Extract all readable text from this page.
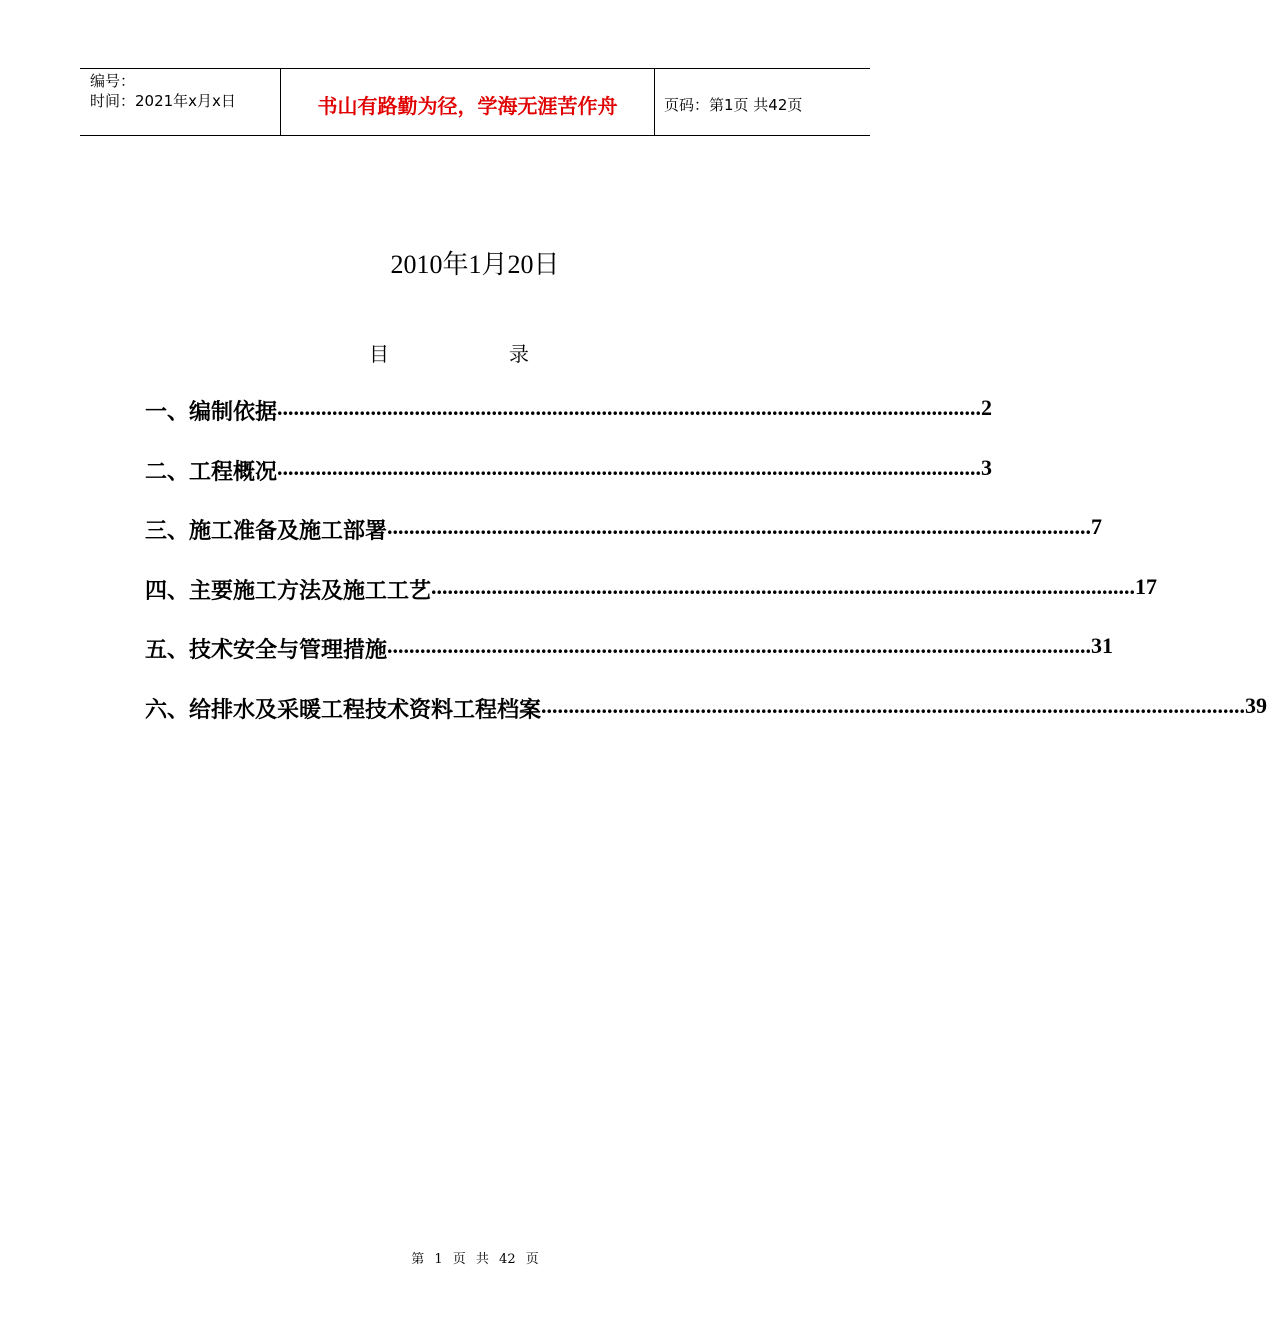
编号：
时间：2021年x月x日	书山有路勤为径，学海无涯苦作舟	页码：第1页 共42页
2010年1月20日
目	录
一、 编制依据 ................................................................................................................................ 2
二、 工程概况 ................................................................................................................................ 3
三、 施工准备及施工部署 ................................................................................................................................ 7
四、 主要施工方法及施工工艺 ................................................................................................................................ 17
五、 技术安全与管理措施 ................................................................................................................................ 31
六、 给排水及采暖工程技术资料工程档案 ................................................................................................................................ 39
第 1 页 共 42 页
